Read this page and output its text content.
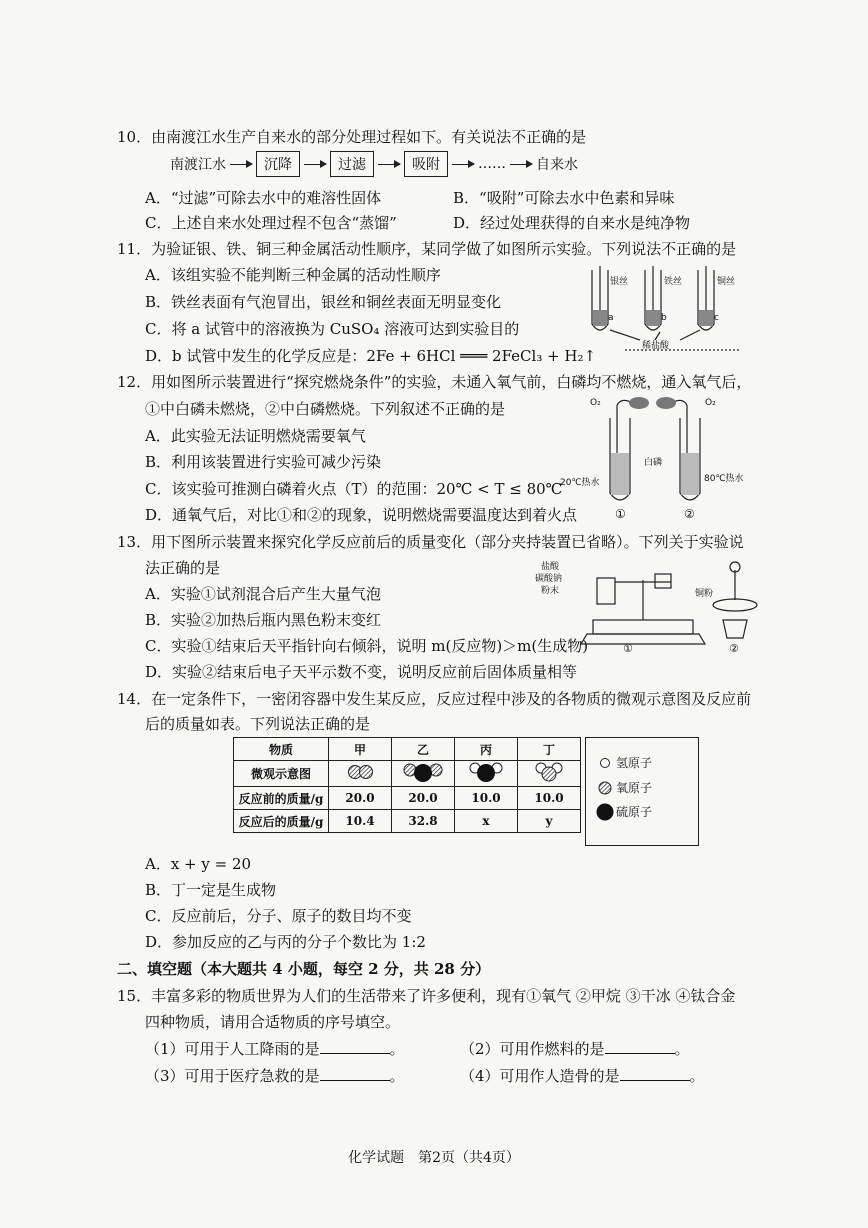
10．由南渡江水生产自来水的部分处理过程如下。有关说法不正确的是
南渡江水	沉降	过滤	吸附	…… 自来水
A．“过滤”可除去水中的难溶性固体	B．“吸附”可除去水中色素和异味
C．上述自来水处理过程不包含“蒸馏”	D．经过处理获得的自来水是纯净物
11．为验证银、铁、铜三种金属活动性顺序，某同学做了如图所示实验。下列说法不正确的是
A．该组实验不能判断三种金属的活动性顺序
B．铁丝表面有气泡冒出，银丝和铜丝表面无明显变化
C．将 a 试管中的溶液换为 CuSO₄ 溶液可达到实验目的
D．b 试管中发生的化学反应是：2Fe + 6HCl ═══ 2FeCl₃ + H₂↑
银丝	铁丝	铜丝
a	b	c
稀盐酸
12．用如图所示装置进行“探究燃烧条件”的实验，未通入氧气前，白磷均不燃烧，通入氧气后，
①中白磷未燃烧，②中白磷燃烧。下列叙述不正确的是
A．此实验无法证明燃烧需要氧气
B．利用该装置进行实验可减少污染
C．该实验可推测白磷着火点（T）的范围：20℃ < T ≤ 80℃
D．通氧气后，对比①和②的现象，说明燃烧需要温度达到着火点
O₂	O₂
白磷
20℃热水	80℃热水
①	②
13．用下图所示装置来探究化学反应前后的质量变化（部分夹持装置已省略）。下列关于实验说
法正确的是
A．实验①试剂混合后产生大量气泡
B．实验②加热后瓶内黑色粉末变红
C．实验①结束后天平指针向右倾斜，说明 m(反应物)＞m(生成物)
D．实验②结束后电子天平示数不变，说明反应前后固体质量相等
盐酸
碳酸钠
粉末	铜粉
①	②
14．在一定条件下，一密闭容器中发生某反应，反应过程中涉及的各物质的微观示意图及反应前
后的质量如表。下列说法正确的是
物质	甲	乙	丙	丁
微观示意图				
反应前的质量/g	20.0	20.0	10.0	10.0
反应后的质量/g	10.4	32.8	x	y
氢原子
氧原子
硫原子
A．x + y = 20
B．丁一定是生成物
C．反应前后，分子、原子的数目均不变
D．参加反应的乙与丙的分子个数比为 1:2
二、填空题（本大题共 4 小题，每空 2 分，共 28 分）
15．丰富多彩的物质世界为人们的生活带来了许多便利，现有①氧气 ②甲烷 ③干冰 ④钛合金
四种物质，请用合适物质的序号填空。
（1）可用于人工降雨的是	。	（2）可用作燃料的是	。
（3）可用于医疗急救的是	。	（4）可用作人造骨的是	。
化学试题　第2页（共4页）
